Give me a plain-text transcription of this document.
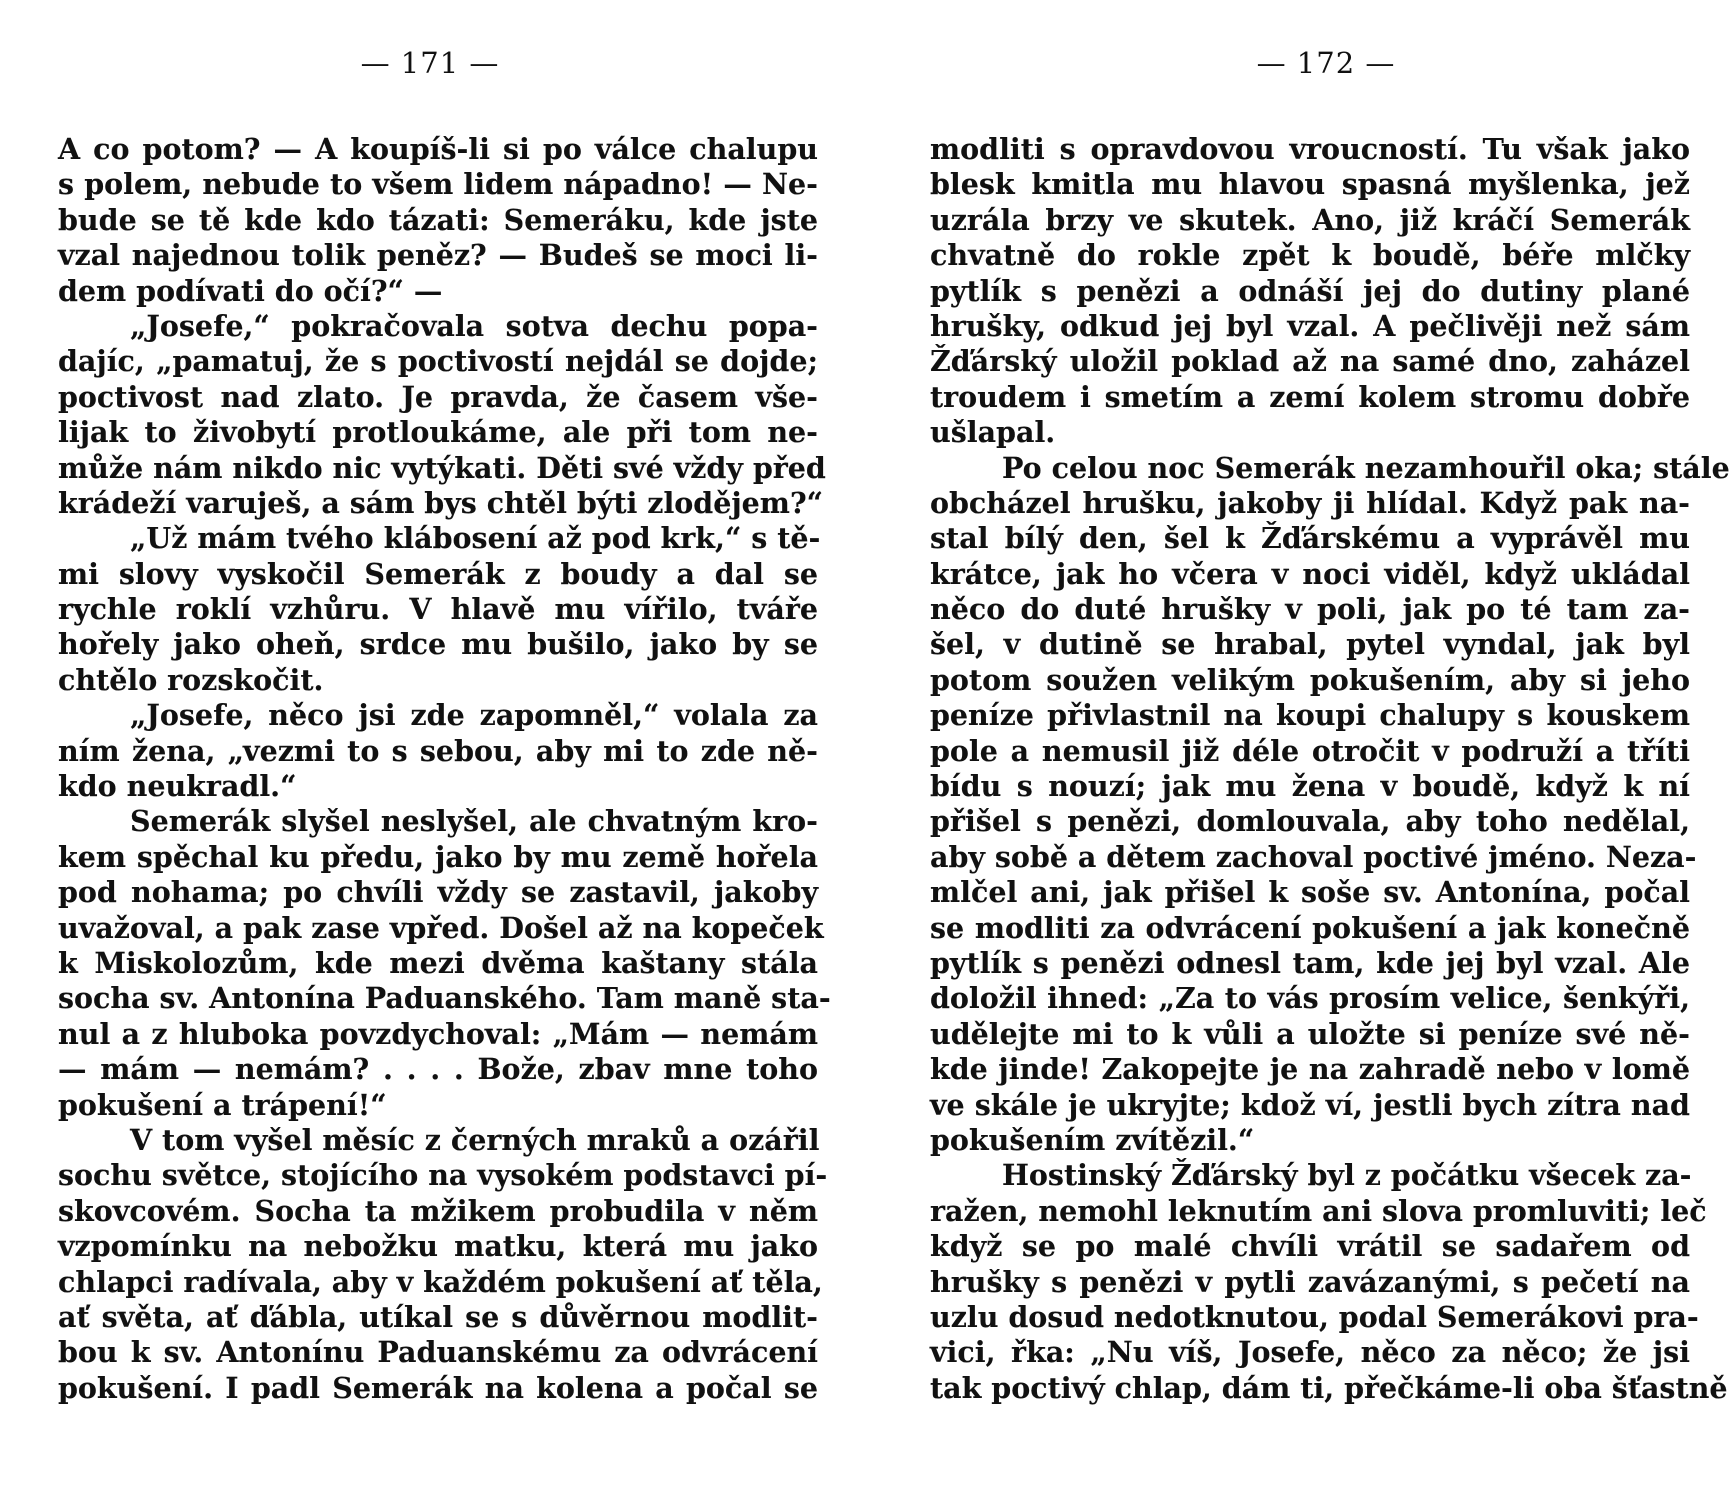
— 171 —
A co potom? — A koupíš-li si po válce chalupu
s polem, nebude to všem lidem nápadno! — Ne-
bude se tě kde kdo tázati: Semeráku, kde jste
vzal najednou tolik peněz? — Budeš se moci li-
dem podívati do očí?“ —
„Josefe,“ pokračovala sotva dechu popa-
dajíc, „pamatuj, že s poctivostí nejdál se dojde;
poctivost nad zlato. Je pravda, že časem vše-
lijak to živobytí protloukáme, ale při tom ne-
může nám nikdo nic vytýkati. Děti své vždy před
krádeží varuješ, a sám bys chtěl býti zlodějem?“
„Už mám tvého klábosení až pod krk,“ s tě-
mi slovy vyskočil Semerák z boudy a dal se
rychle roklí vzhůru. V hlavě mu vířilo, tváře
hořely jako oheň, srdce mu bušilo, jako by se
chtělo rozskočit.
„Josefe, něco jsi zde zapomněl,“ volala za
ním žena, „vezmi to s sebou, aby mi to zde ně-
kdo neukradl.“
Semerák slyšel neslyšel, ale chvatným kro-
kem spěchal ku předu, jako by mu země hořela
pod nohama; po chvíli vždy se zastavil, jakoby
uvažoval, a pak zase vpřed. Došel až na kopeček
k Miskolozům, kde mezi dvěma kaštany stála
socha sv. Antonína Paduanského. Tam maně sta-
nul a z hluboka povzdychoval: „Mám — nemám
— mám — nemám? . . . . Bože, zbav mne toho
pokušení a trápení!“
V tom vyšel měsíc z černých mraků a ozářil
sochu světce, stojícího na vysokém podstavci pí-
skovcovém. Socha ta mžikem probudila v něm
vzpomínku na nebožku matku, která mu jako
chlapci radívala, aby v každém pokušení ať těla,
ať světa, ať ďábla, utíkal se s důvěrnou modlit-
bou k sv. Antonínu Paduanskému za odvrácení
pokušení. I padl Semerák na kolena a počal se
— 172 —
modliti s opravdovou vroucností. Tu však jako
blesk kmitla mu hlavou spasná myšlenka, jež
uzrála brzy ve skutek. Ano, již kráčí Semerák
chvatně do rokle zpět k boudě, béře mlčky
pytlík s penězi a odnáší jej do dutiny plané
hrušky, odkud jej byl vzal. A pečlivěji než sám
Žďárský uložil poklad až na samé dno, zaházel
troudem i smetím a zemí kolem stromu dobře
ušlapal.
Po celou noc Semerák nezamhouřil oka; stále
obcházel hrušku, jakoby ji hlídal. Když pak na-
stal bílý den, šel k Žďárskému a vyprávěl mu
krátce, jak ho včera v noci viděl, když ukládal
něco do duté hrušky v poli, jak po té tam za-
šel, v dutině se hrabal, pytel vyndal, jak byl
potom soužen velikým pokušením, aby si jeho
peníze přivlastnil na koupi chalupy s kouskem
pole a nemusil již déle otročit v podruží a tříti
bídu s nouzí; jak mu žena v boudě, když k ní
přišel s penězi, domlouvala, aby toho nedělal,
aby sobě a dětem zachoval poctivé jméno. Neza-
mlčel ani, jak přišel k soše sv. Antonína, počal
se modliti za odvrácení pokušení a jak konečně
pytlík s penězi odnesl tam, kde jej byl vzal. Ale
doložil ihned: „Za to vás prosím velice, šenkýři,
udělejte mi to k vůli a uložte si peníze své ně-
kde jinde! Zakopejte je na zahradě nebo v lomě
ve skále je ukryjte; kdož ví, jestli bych zítra nad
pokušením zvítězil.“
Hostinský Žďárský byl z počátku všecek za-
ražen, nemohl leknutím ani slova promluviti; leč
když se po malé chvíli vrátil se sadařem od
hrušky s penězi v pytli zavázanými, s pečetí na
uzlu dosud nedotknutou, podal Semerákovi pra-
vici, řka: „Nu víš, Josefe, něco za něco; že jsi
tak poctivý chlap, dám ti, přečkáme-li oba šťastně
